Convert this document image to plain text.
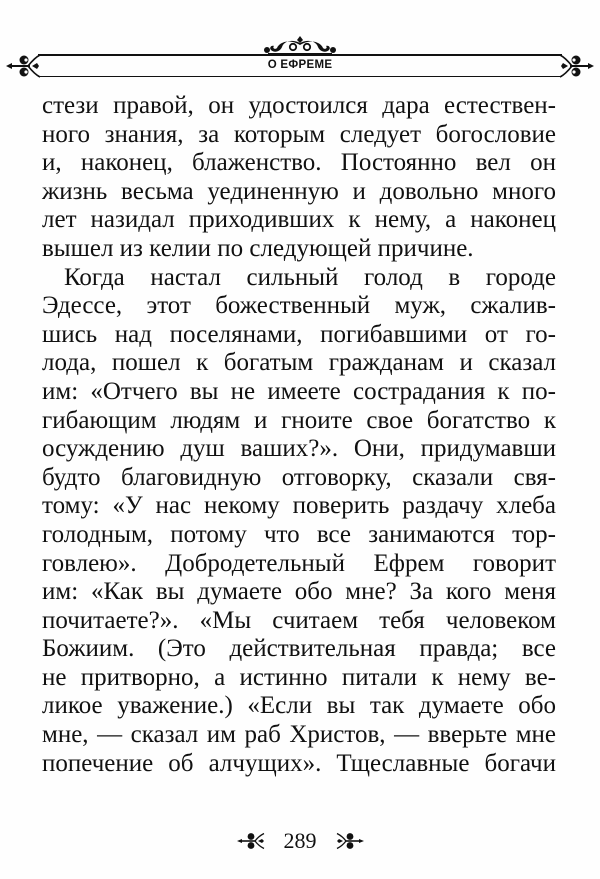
О ЕФРЕМЕ
стези правой, он удостоился дара естествен-
ного знания, за которым следует богословие
и, наконец, блаженство. Постоянно вел он
жизнь весьма уединенную и довольно много
лет назидал приходивших к нему, а наконец
вышел из келии по следующей причине.
Когда настал сильный голод в городе
Эдессе, этот божественный муж, сжалив-
шись над поселянами, погибавшими от го-
лода, пошел к богатым гражданам и сказал
им: «Отчего вы не имеете сострадания к по-
гибающим людям и гноите свое богатство к
осуждению душ ваших?». Они, придумавши
будто благовидную отговорку, сказали свя-
тому: «У нас некому поверить раздачу хлеба
голодным, потому что все занимаются тор-
говлею». Добродетельный Ефрем говорит
им: «Как вы думаете обо мне? За кого меня
почитаете?». «Мы считаем тебя человеком
Божиим. (Это действительная правда; все
не притворно, а истинно питали к нему ве-
ликое уважение.) «Если вы так думаете обо
мне, — сказал им раб Христов, — вверьте мне
попечение об алчущих». Тщеславные богачи
289
